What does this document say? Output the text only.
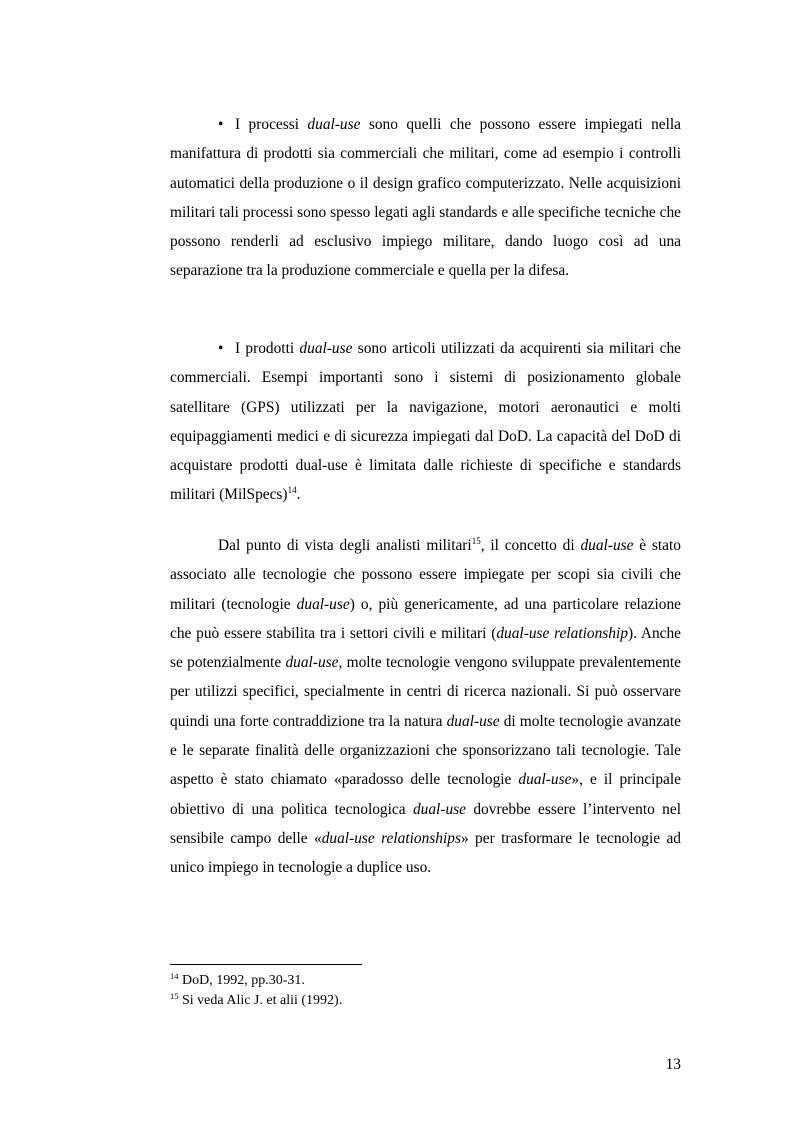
• I processi dual-use sono quelli che possono essere impiegati nella manifattura di prodotti sia commerciali che militari, come ad esempio i controlli automatici della produzione o il design grafico computerizzato. Nelle acquisizioni militari tali processi sono spesso legati agli standards e alle specifiche tecniche che possono renderli ad esclusivo impiego militare, dando luogo così ad una separazione tra la produzione commerciale e quella per la difesa.

• I prodotti dual-use sono articoli utilizzati da acquirenti sia militari che commerciali. Esempi importanti sono i sistemi di posizionamento globale satellitare (GPS) utilizzati per la navigazione, motori aeronautici e molti equipaggiamenti medici e di sicurezza impiegati dal DoD. La capacità del DoD di acquistare prodotti dual-use è limitata dalle richieste di specifiche e standards militari (MilSpecs)$^{14}$.

Dal punto di vista degli analisti militari$^{15}$, il concetto di dual-use è stato associato alle tecnologie che possono essere impiegate per scopi sia civili che militari (tecnologie dual-use) o, più genericamente, ad una particolare relazione che può essere stabilita tra i settori civili e militari (dual-use relationship). Anche se potenzialmente dual-use, molte tecnologie vengono sviluppate prevalentemente per utilizzi specifici, specialmente in centri di ricerca nazionali. Si può osservare quindi una forte contraddizione tra la natura dual-use di molte tecnologie avanzate e le separate finalità delle organizzazioni che sponsorizzano tali tecnologie. Tale aspetto è stato chiamato «paradosso delle tecnologie dual-use», e il principale obiettivo di una politica tecnologica dual-use dovrebbe essere l’intervento nel sensibile campo delle «dual-use relationships» per trasformare le tecnologie ad unico impiego in tecnologie a duplice uso.

$^{14}$ DoD, 1992, pp.30-31.
$^{15}$ Si veda Alic J. et alii (1992).
13
